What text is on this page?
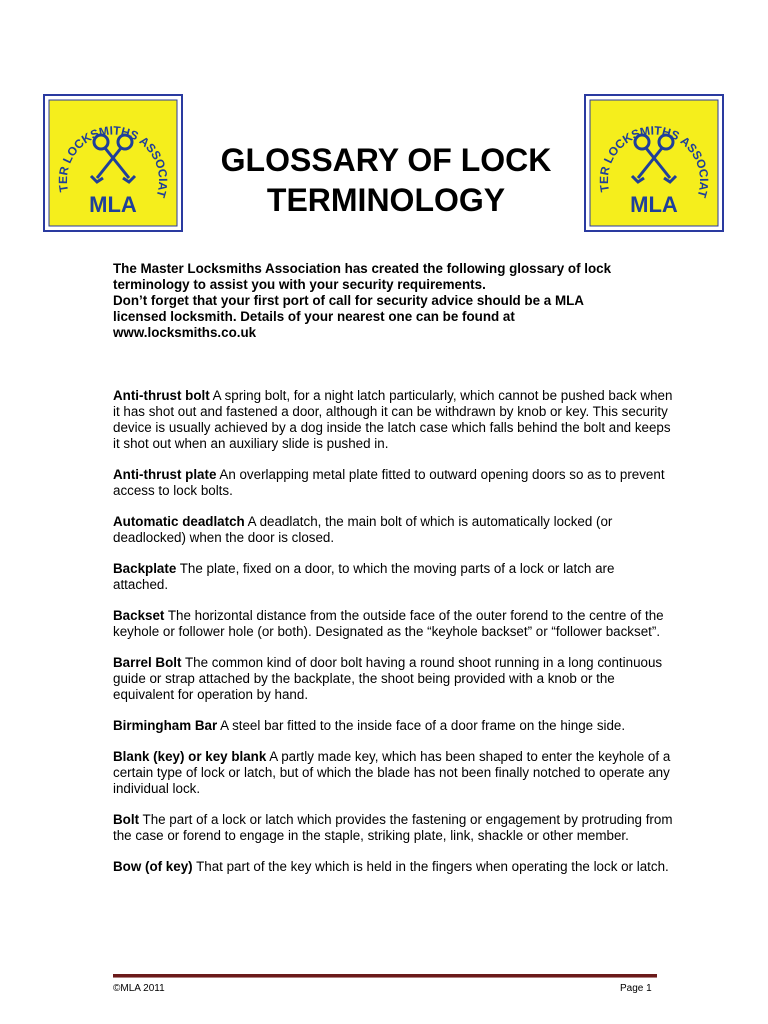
TER LOCKSMITHS ASSOCIAT
MLA
GLOSSARY OF LOCK
TERMINOLOGY	TER LOCKSMITHS ASSOCIAT
MLA
The Master Locksmiths Association has created the following glossary of lock
terminology to assist you with your security requirements.
Don’t forget that your first port of call for security advice should be a MLA
licensed locksmith. Details of your nearest one can be found at
www.locksmiths.co.uk
Anti-thrust bolt A spring bolt, for a night latch particularly, which cannot be pushed back when it has shot out and fastened a door, although it can be withdrawn by knob or key. This security device is usually achieved by a dog inside the latch case which falls behind the bolt and keeps it shot out when an auxiliary slide is pushed in.
Anti-thrust plate An overlapping metal plate fitted to outward opening doors so as to prevent access to lock bolts.
Automatic deadlatch A deadlatch, the main bolt of which is automatically locked (or deadlocked) when the door is closed.
Backplate The plate, fixed on a door, to which the moving parts of a lock or latch are attached.
Backset The horizontal distance from the outside face of the outer forend to the centre of the keyhole or follower hole (or both). Designated as the “keyhole backset” or “follower backset”.
Barrel Bolt The common kind of door bolt having a round shoot running in a long continuous guide or strap attached by the backplate, the shoot being provided with a knob or the equivalent for operation by hand.
Birmingham Bar A steel bar fitted to the inside face of a door frame on the hinge side.
Blank (key) or key blank A partly made key, which has been shaped to enter the keyhole of a certain type of lock or latch, but of which the blade has not been finally notched to operate any individual lock.
Bolt The part of a lock or latch which provides the fastening or engagement by protruding from the case or forend to engage in the staple, striking plate, link, shackle or other member.
Bow (of key) That part of the key which is held in the fingers when operating the lock or latch.
©MLA 2011	Page 1
